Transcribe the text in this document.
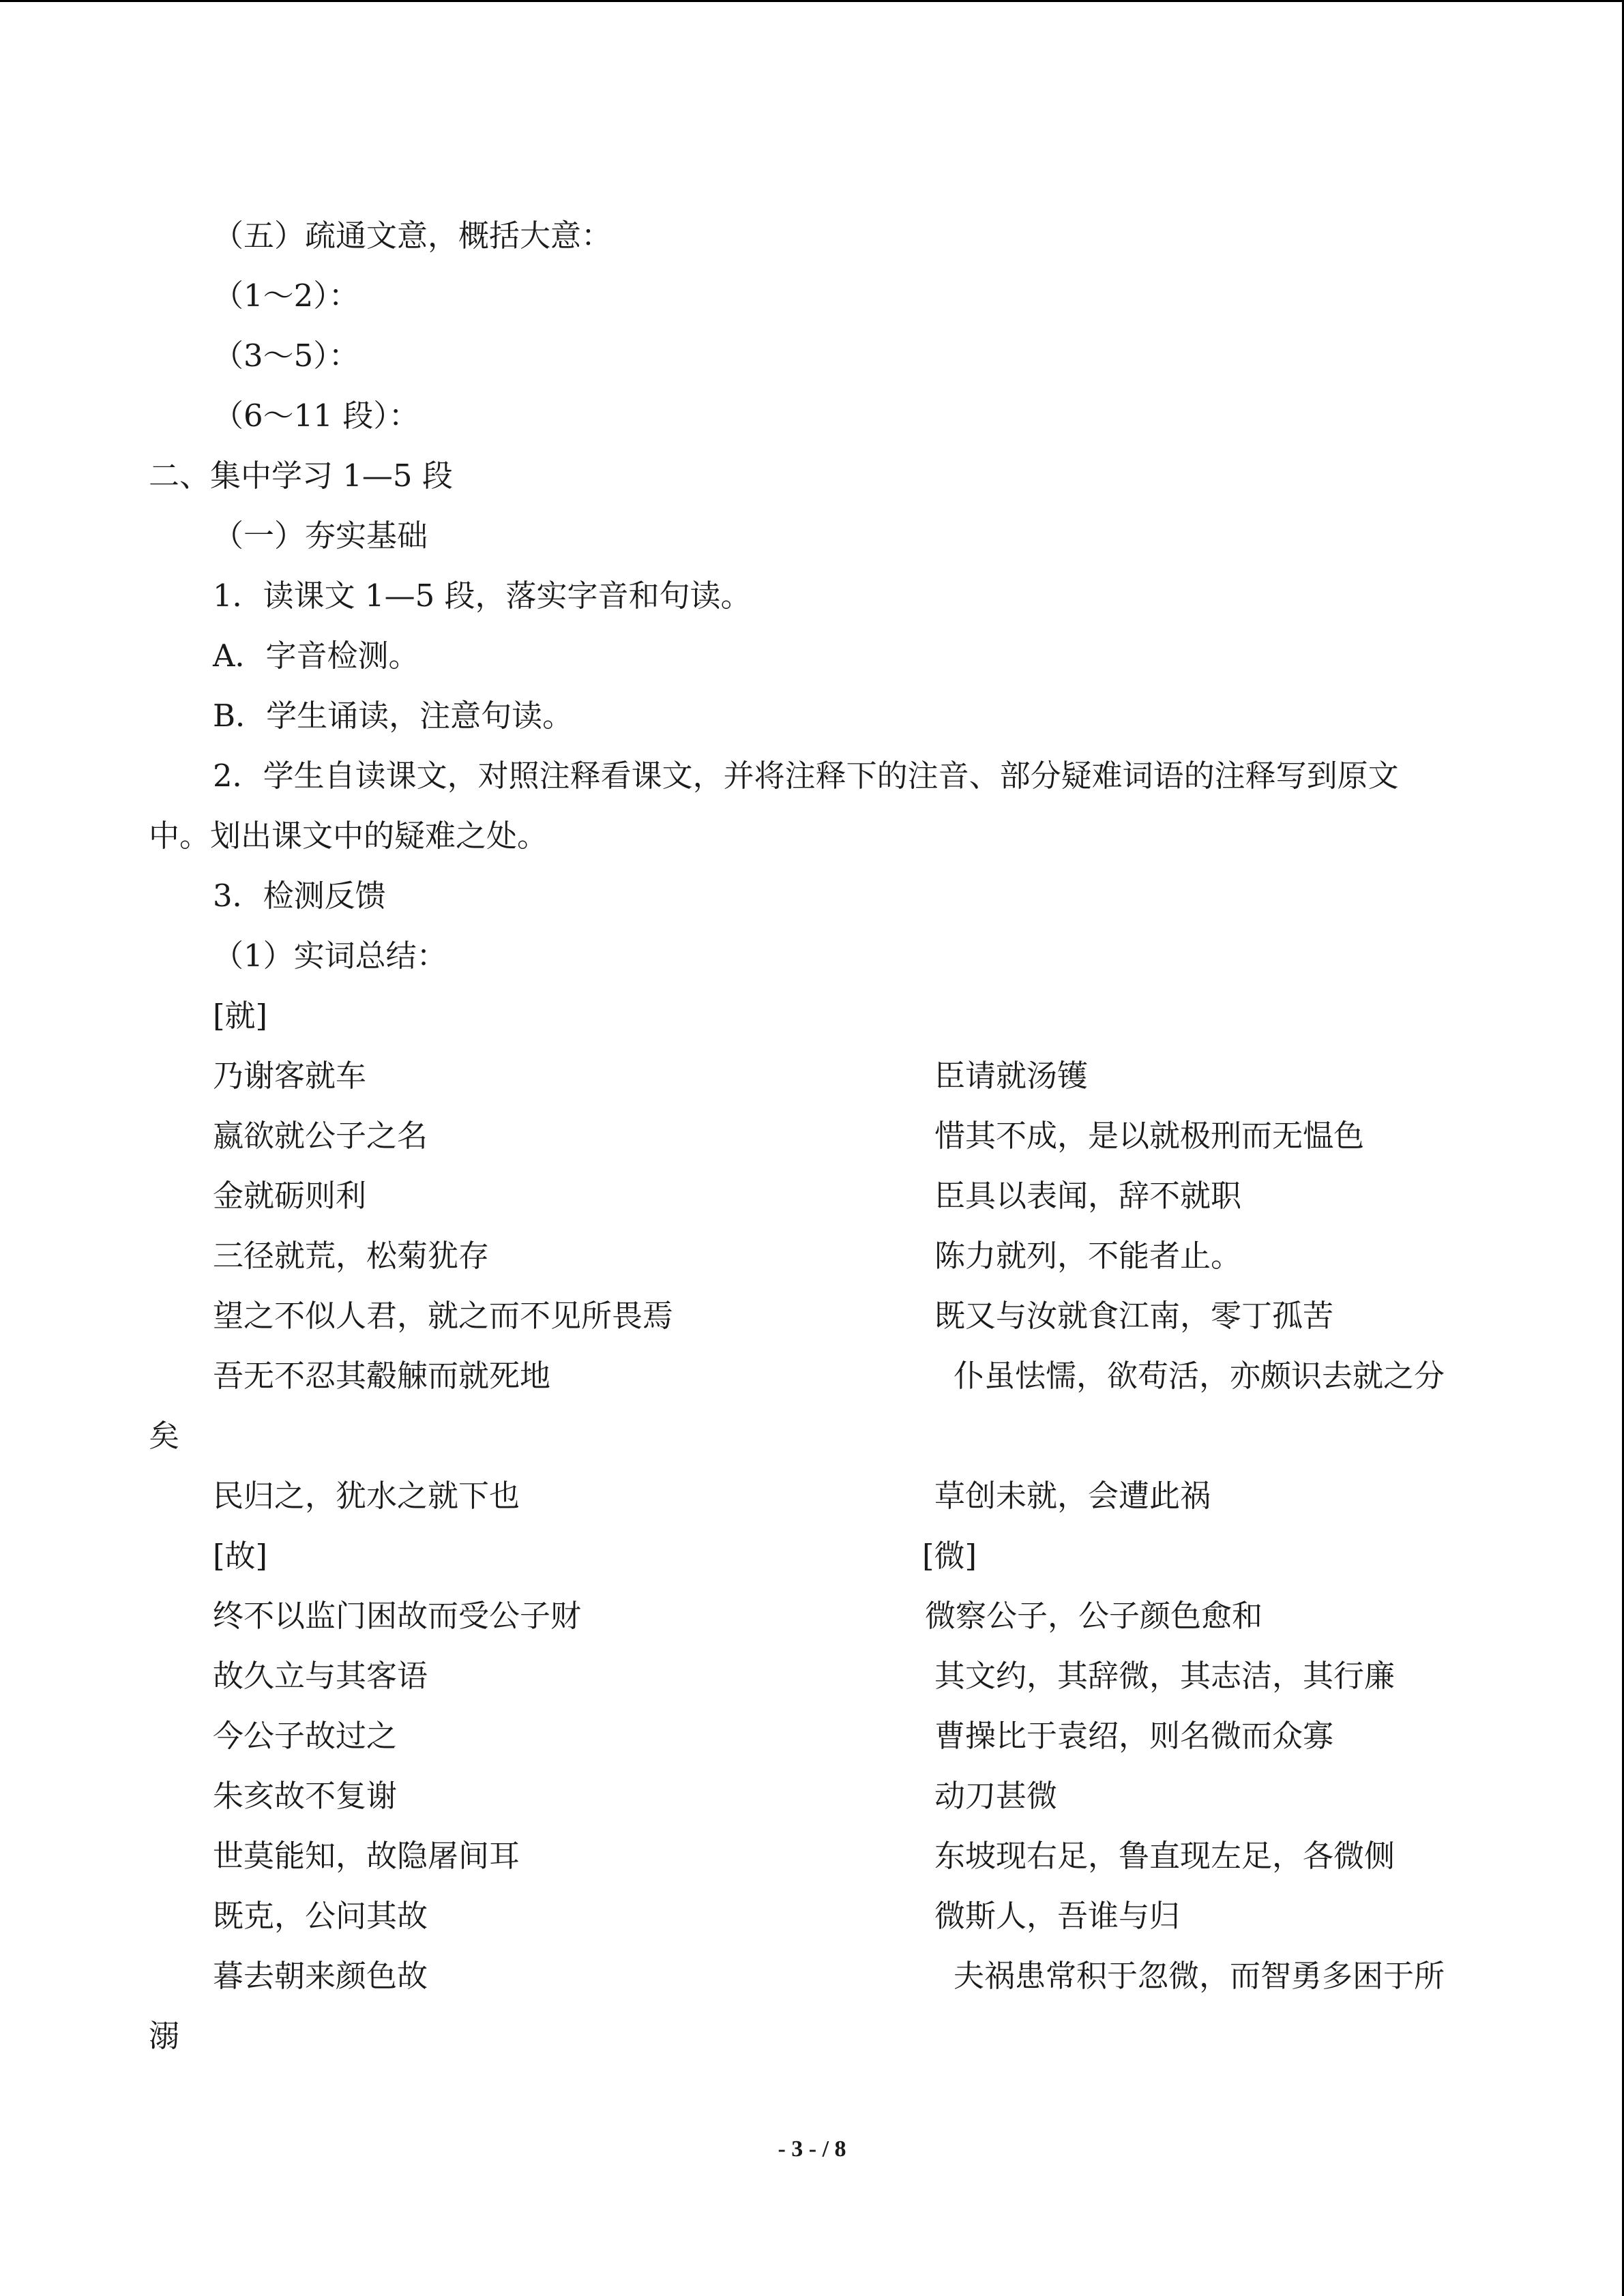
（五）疏通文意，概括大意：
（1～2）：
（3～5）：
（6～11 段）：
二、集中学习 1—5 段
（一）夯实基础
1．读课文 1—5 段，落实字音和句读。
A．字音检测。
B．学生诵读，注意句读。
2．学生自读课文，对照注释看课文，并将注释下的注音、部分疑难词语的注释写到原文
中。划出课文中的疑难之处。
3．检测反馈
（1）实词总结：
[就]
乃谢客就车	臣请就汤镬
嬴欲就公子之名	惜其不成，是以就极刑而无愠色
金就砺则利	臣具以表闻，辞不就职
三径就荒，松菊犹存	陈力就列，不能者止。
望之不似人君，就之而不见所畏焉	既又与汝就食江南，零丁孤苦
吾无不忍其觳觫而就死地	仆虽怯懦，欲苟活，亦颇识去就之分
矣
民归之，犹水之就下也	草创未就，会遭此祸
[故]	[微]
终不以监门困故而受公子财	微察公子，公子颜色愈和
故久立与其客语	其文约，其辞微，其志洁，其行廉
今公子故过之	曹操比于袁绍，则名微而众寡
朱亥故不复谢	动刀甚微
世莫能知，故隐屠间耳	东坡现右足，鲁直现左足，各微侧
既克，公问其故	微斯人，吾谁与归
暮去朝来颜色故	夫祸患常积于忽微，而智勇多困于所
溺
- 3 - / 8
